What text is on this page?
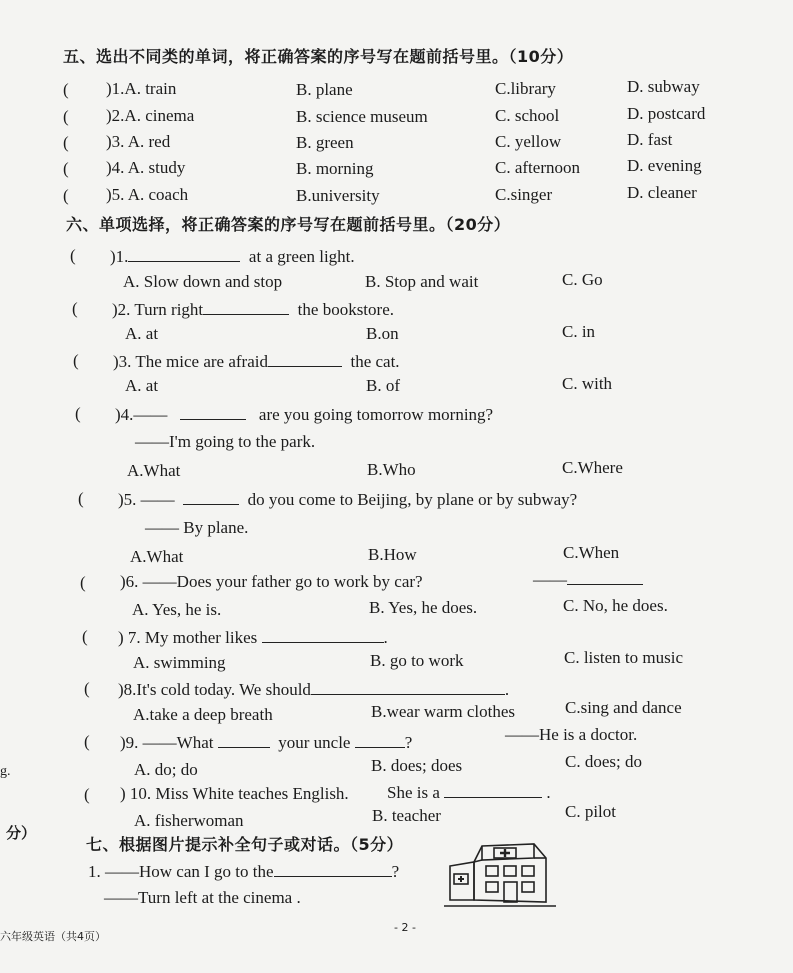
五、选出不同类的单词，将正确答案的序号写在题前括号里。（10分）
( )1.A. train	B. plane	C.library	D. subway
( )2.A. cinema	B. science museum	C. school	D. postcard
( )3. A. red	B. green	C. yellow	D. fast
( )4. A. study	B. morning	C. afternoon	D. evening
( )5. A. coach	B.university	C.singer	D. cleaner
六、单项选择，将正确答案的序号写在题前括号里。（20分）
( )1.	at a green light.
A. Slow down and stop	B. Stop and wait	C. Go
( )2. Turn right	the bookstore.
A. at	B.on	C. in
( )3. The mice are afraid	the cat.
A. at	B. of	C. with
( )4.——	are you going tomorrow morning?
——I'm going to the park.
A.What	B.Who	C.Where
( )5. ——	do you come to Beijing, by plane or by subway?
—— By plane.
A.What	B.How	C.When
( )6. ——Does your father go to work by car?	——
A. Yes, he is.	B. Yes, he does.	C. No, he does.
( ) 7. My mother likes	.
A. swimming	B. go to work	C. listen to music
( )8.It's cold today. We should	.
A.take a deep breath	B.wear warm clothes	C.sing and dance
( )9. ——What	your uncle	?	——He is a doctor.
A. do; do	B. does; does	C. does; do
( ) 10. Miss White teaches English. She is a	.
A. fisherwoman	B. teacher	C. pilot
七、根据图片提示补全句子或对话。（5分）
1. ——How can I go to the	?
——Turn left at the cinema .
g.
分）
六年级英语（共4页）
- 2 -
